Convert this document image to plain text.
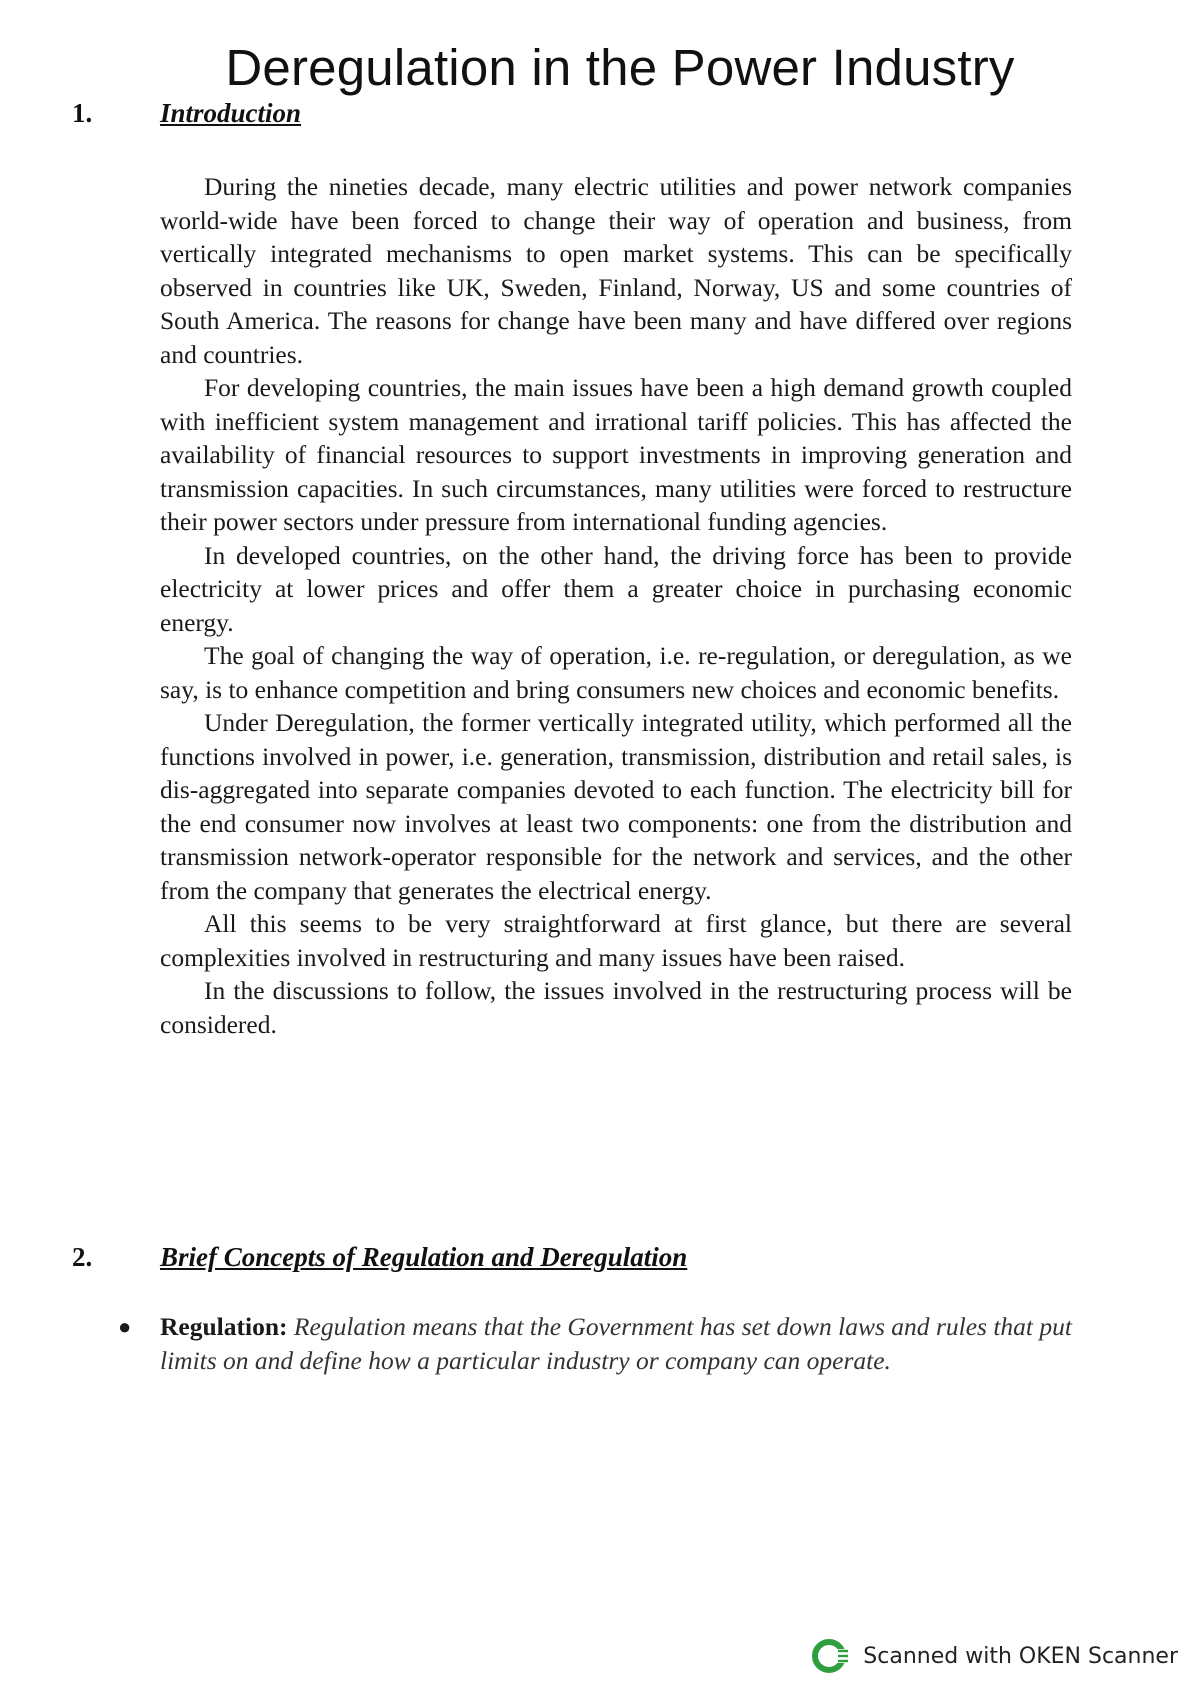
Deregulation in the Power Industry
1.	Introduction

During the nineties decade, many electric utilities and power network companies world-wide have been forced to change their way of operation and business, from vertically integrated mechanisms to open market systems. This can be specifically observed in countries like UK, Sweden, Finland, Norway, US and some countries of South America. The reasons for change have been many and have differed over regions and countries.

For developing countries, the main issues have been a high demand growth coupled with inefficient system management and irrational tariff policies. This has affected the availability of financial resources to support investments in improving generation and transmission capacities. In such circumstances, many utilities were forced to restructure their power sectors under pressure from international funding agencies.

In developed countries, on the other hand, the driving force has been to provide electricity at lower prices and offer them a greater choice in purchasing economic energy.

The goal of changing the way of operation, i.e. re-regulation, or deregulation, as we say, is to enhance competition and bring consumers new choices and economic benefits.

Under Deregulation, the former vertically integrated utility, which performed all the functions involved in power, i.e. generation, transmission, distribution and retail sales, is dis-aggregated into separate companies devoted to each function. The electricity bill for the end consumer now involves at least two components: one from the distribution and transmission network-operator responsible for the network and services, and the other from the company that generates the electrical energy.

All this seems to be very straightforward at first glance, but there are several complexities involved in restructuring and many issues have been raised.

In the discussions to follow, the issues involved in the restructuring process will be considered.

2.	Brief Concepts of Regulation and Deregulation
● Regulation: Regulation means that the Government has set down laws and rules that put limits on and define how a particular industry or company can operate.
Scanned with OKEN Scanner
